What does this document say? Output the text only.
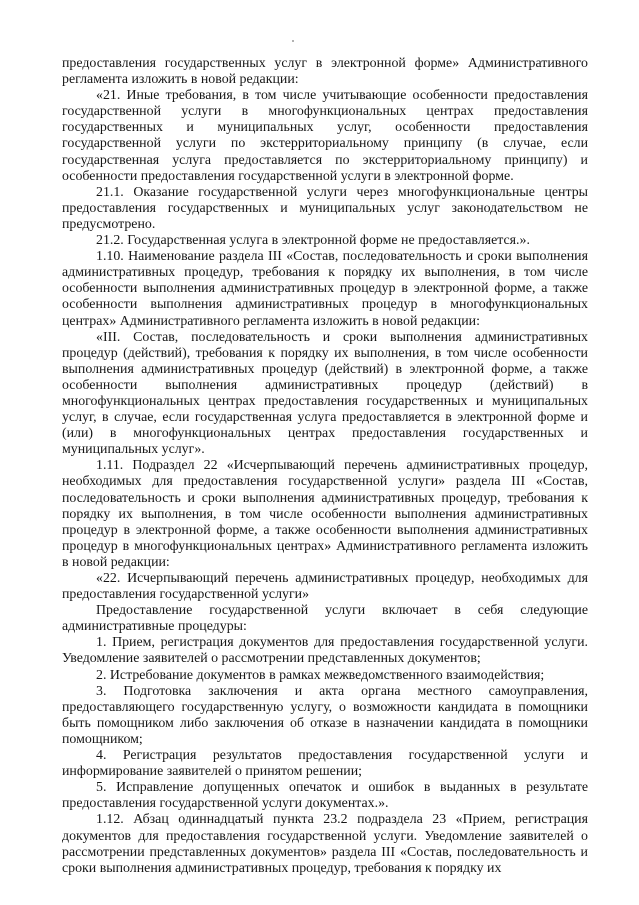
предоставления государственных услуг в электронной форме» Административного регламента изложить в новой редакции:

«21. Иные требования, в том числе учитывающие особенности предоставления государственной услуги в многофункциональных центрах предоставления государственных и муниципальных услуг, особенности предоставления государственной услуги по экстерриториальному принципу (в случае, если государственная услуга предоставляется по экстерриториальному принципу) и особенности предоставления государственной услуги в электронной форме.

21.1. Оказание государственной услуги через многофункциональные центры предоставления государственных и муниципальных услуг законодательством не предусмотрено.

21.2. Государственная услуга в электронной форме не предоставляется.».

1.10. Наименование раздела III «Состав, последовательность и сроки выполнения административных процедур, требования к порядку их выполнения, в том числе особенности выполнения административных процедур в электронной форме, а также особенности выполнения административных процедур в многофункциональных центрах» Административного регламента изложить в новой редакции:

«III. Состав, последовательность и сроки выполнения административных процедур (действий), требования к порядку их выполнения, в том числе особенности выполнения административных процедур (действий) в электронной форме, а также особенности выполнения административных процедур (действий) в многофункциональных центрах предоставления государственных и муниципальных услуг, в случае, если государственная услуга предоставляется в электронной форме и (или) в многофункциональных центрах предоставления государственных и муниципальных услуг».

1.11. Подраздел 22 «Исчерпывающий перечень административных процедур, необходимых для предоставления государственной услуги» раздела III «Состав, последовательность и сроки выполнения административных процедур, требования к порядку их выполнения, в том числе особенности выполнения административных процедур в электронной форме, а также особенности выполнения административных процедур в многофункциональных центрах» Административного регламента изложить в новой редакции:

«22. Исчерпывающий перечень административных процедур, необходимых для предоставления государственной услуги»

Предоставление государственной услуги включает в себя следующие административные процедуры:

1. Прием, регистрация документов для предоставления государственной услуги. Уведомление заявителей о рассмотрении представленных документов;

2. Истребование документов в рамках межведомственного взаимодействия;

3. Подготовка заключения и акта органа местного самоуправления, предоставляющего государственную услугу, о возможности кандидата в помощники быть помощником либо заключения об отказе в назначении кандидата в помощники помощником;

4. Регистрация результатов предоставления государственной услуги и информирование заявителей о принятом решении;

5. Исправление допущенных опечаток и ошибок в выданных в результате предоставления государственной услуги документах.».

1.12. Абзац одиннадцатый пункта 23.2 подраздела 23 «Прием, регистрация документов для предоставления государственной услуги. Уведомление заявителей о рассмотрении представленных документов» раздела III «Состав, последовательность и сроки выполнения административных процедур, требования к порядку их
